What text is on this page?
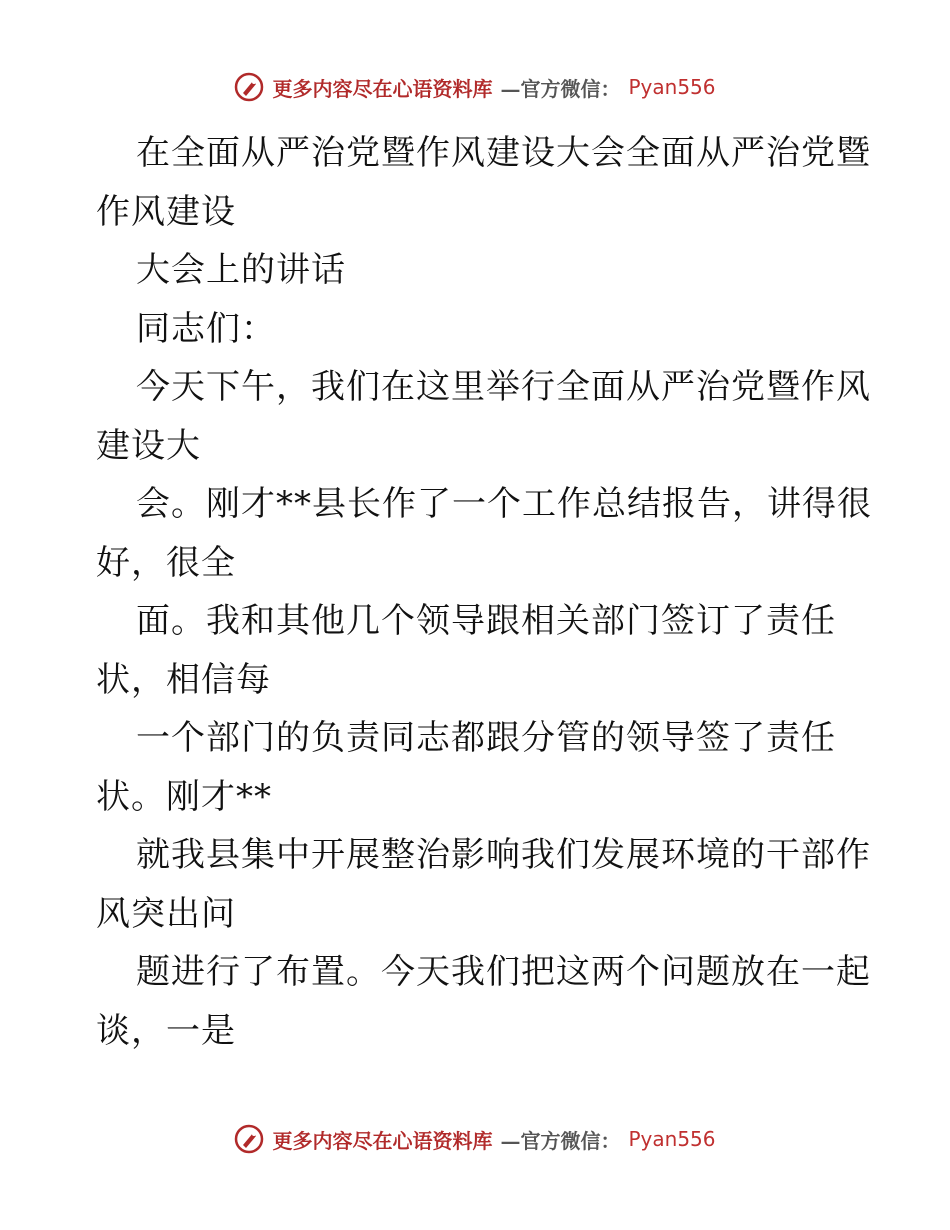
更多内容尽在心语资料库 —官方微信： Pyan556
在全面从严治党暨作风建设大会全面从严治党暨
作风建设
大会上的讲话
同志们：
今天下午，我们在这里举行全面从严治党暨作风
建设大
会。刚才**县长作了一个工作总结报告，讲得很
好，很全
面。我和其他几个领导跟相关部门签订了责任
状，相信每
一个部门的负责同志都跟分管的领导签了责任
状。刚才**
就我县集中开展整治影响我们发展环境的干部作
风突出问
题进行了布置。今天我们把这两个问题放在一起
谈，一是
更多内容尽在心语资料库 —官方微信： Pyan556
